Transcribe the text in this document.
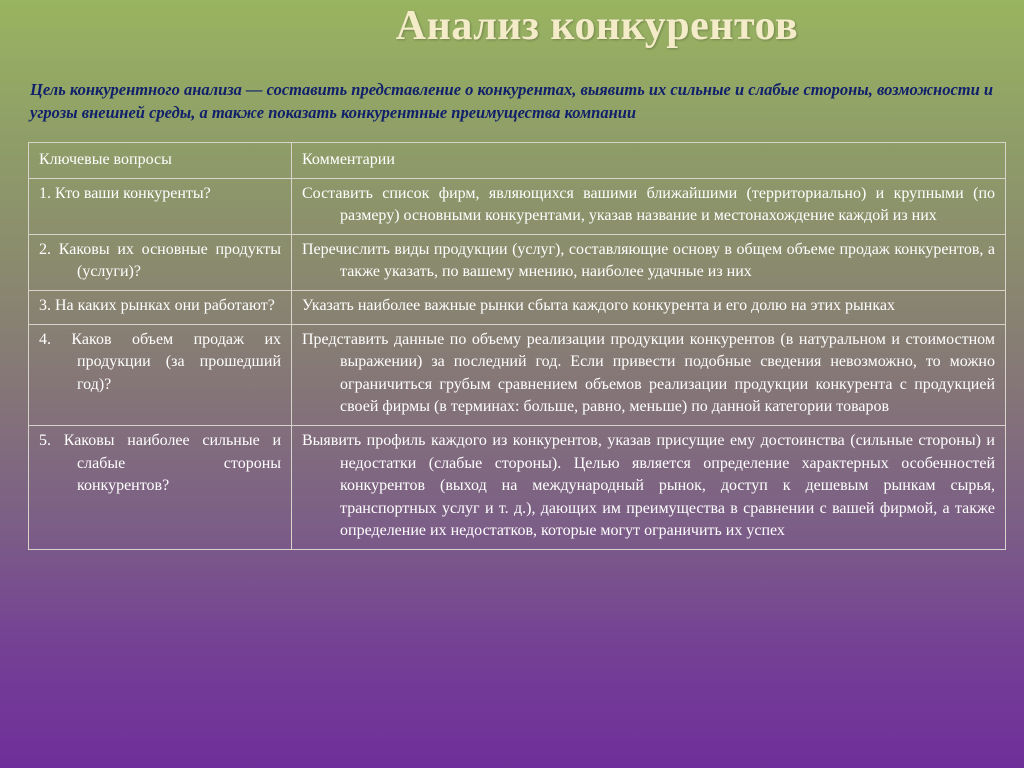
Анализ конкурентов
Цель конкурентного анализа — составить представление о конкурентах, выявить их сильные и слабые стороны, возможности и угрозы внешней среды, а также показать конкурентные преимущества компании
Ключевые вопросы	Комментарии

1. Кто ваши конкуренты?	Составить список фирм, являющихся вашими ближайшими (территориально) и крупными (по размеру) основными конкурентами, указав название и местонахождение каждой из них

2. Каковы их основные продукты (услуги)?	Перечислить виды продукции (услуг), составляющие основу в общем объеме продаж конкурентов, а также указать, по вашему мнению, наиболее удачные из них

3. На каких рынках они работают?	Указать наиболее важные рынки сбыта каждого конкурента и его долю на этих рынках

4. Каков объем продаж их продукции (за прошедший год)?	Представить данные по объему реализации продукции конкурентов (в натуральном и стоимостном выражении) за последний год. Если привести подобные сведения невозможно, то можно ограничиться грубым сравнением объемов реализации продукции конкурента с продукцией своей фирмы (в терминах: больше, равно, меньше) по данной категории товаров

5. Каковы наиболее сильные и слабые стороны конкурентов?	Выявить профиль каждого из конкурентов, указав присущие ему достоинства (сильные стороны) и недостатки (слабые стороны). Целью является определение характерных особенностей конкурентов (выход на международный рынок, доступ к дешевым рынкам сырья, транспортных услуг и т. д.), дающих им преимущества в сравнении с вашей фирмой, а также определение их недостатков, которые могут ограничить их успех
